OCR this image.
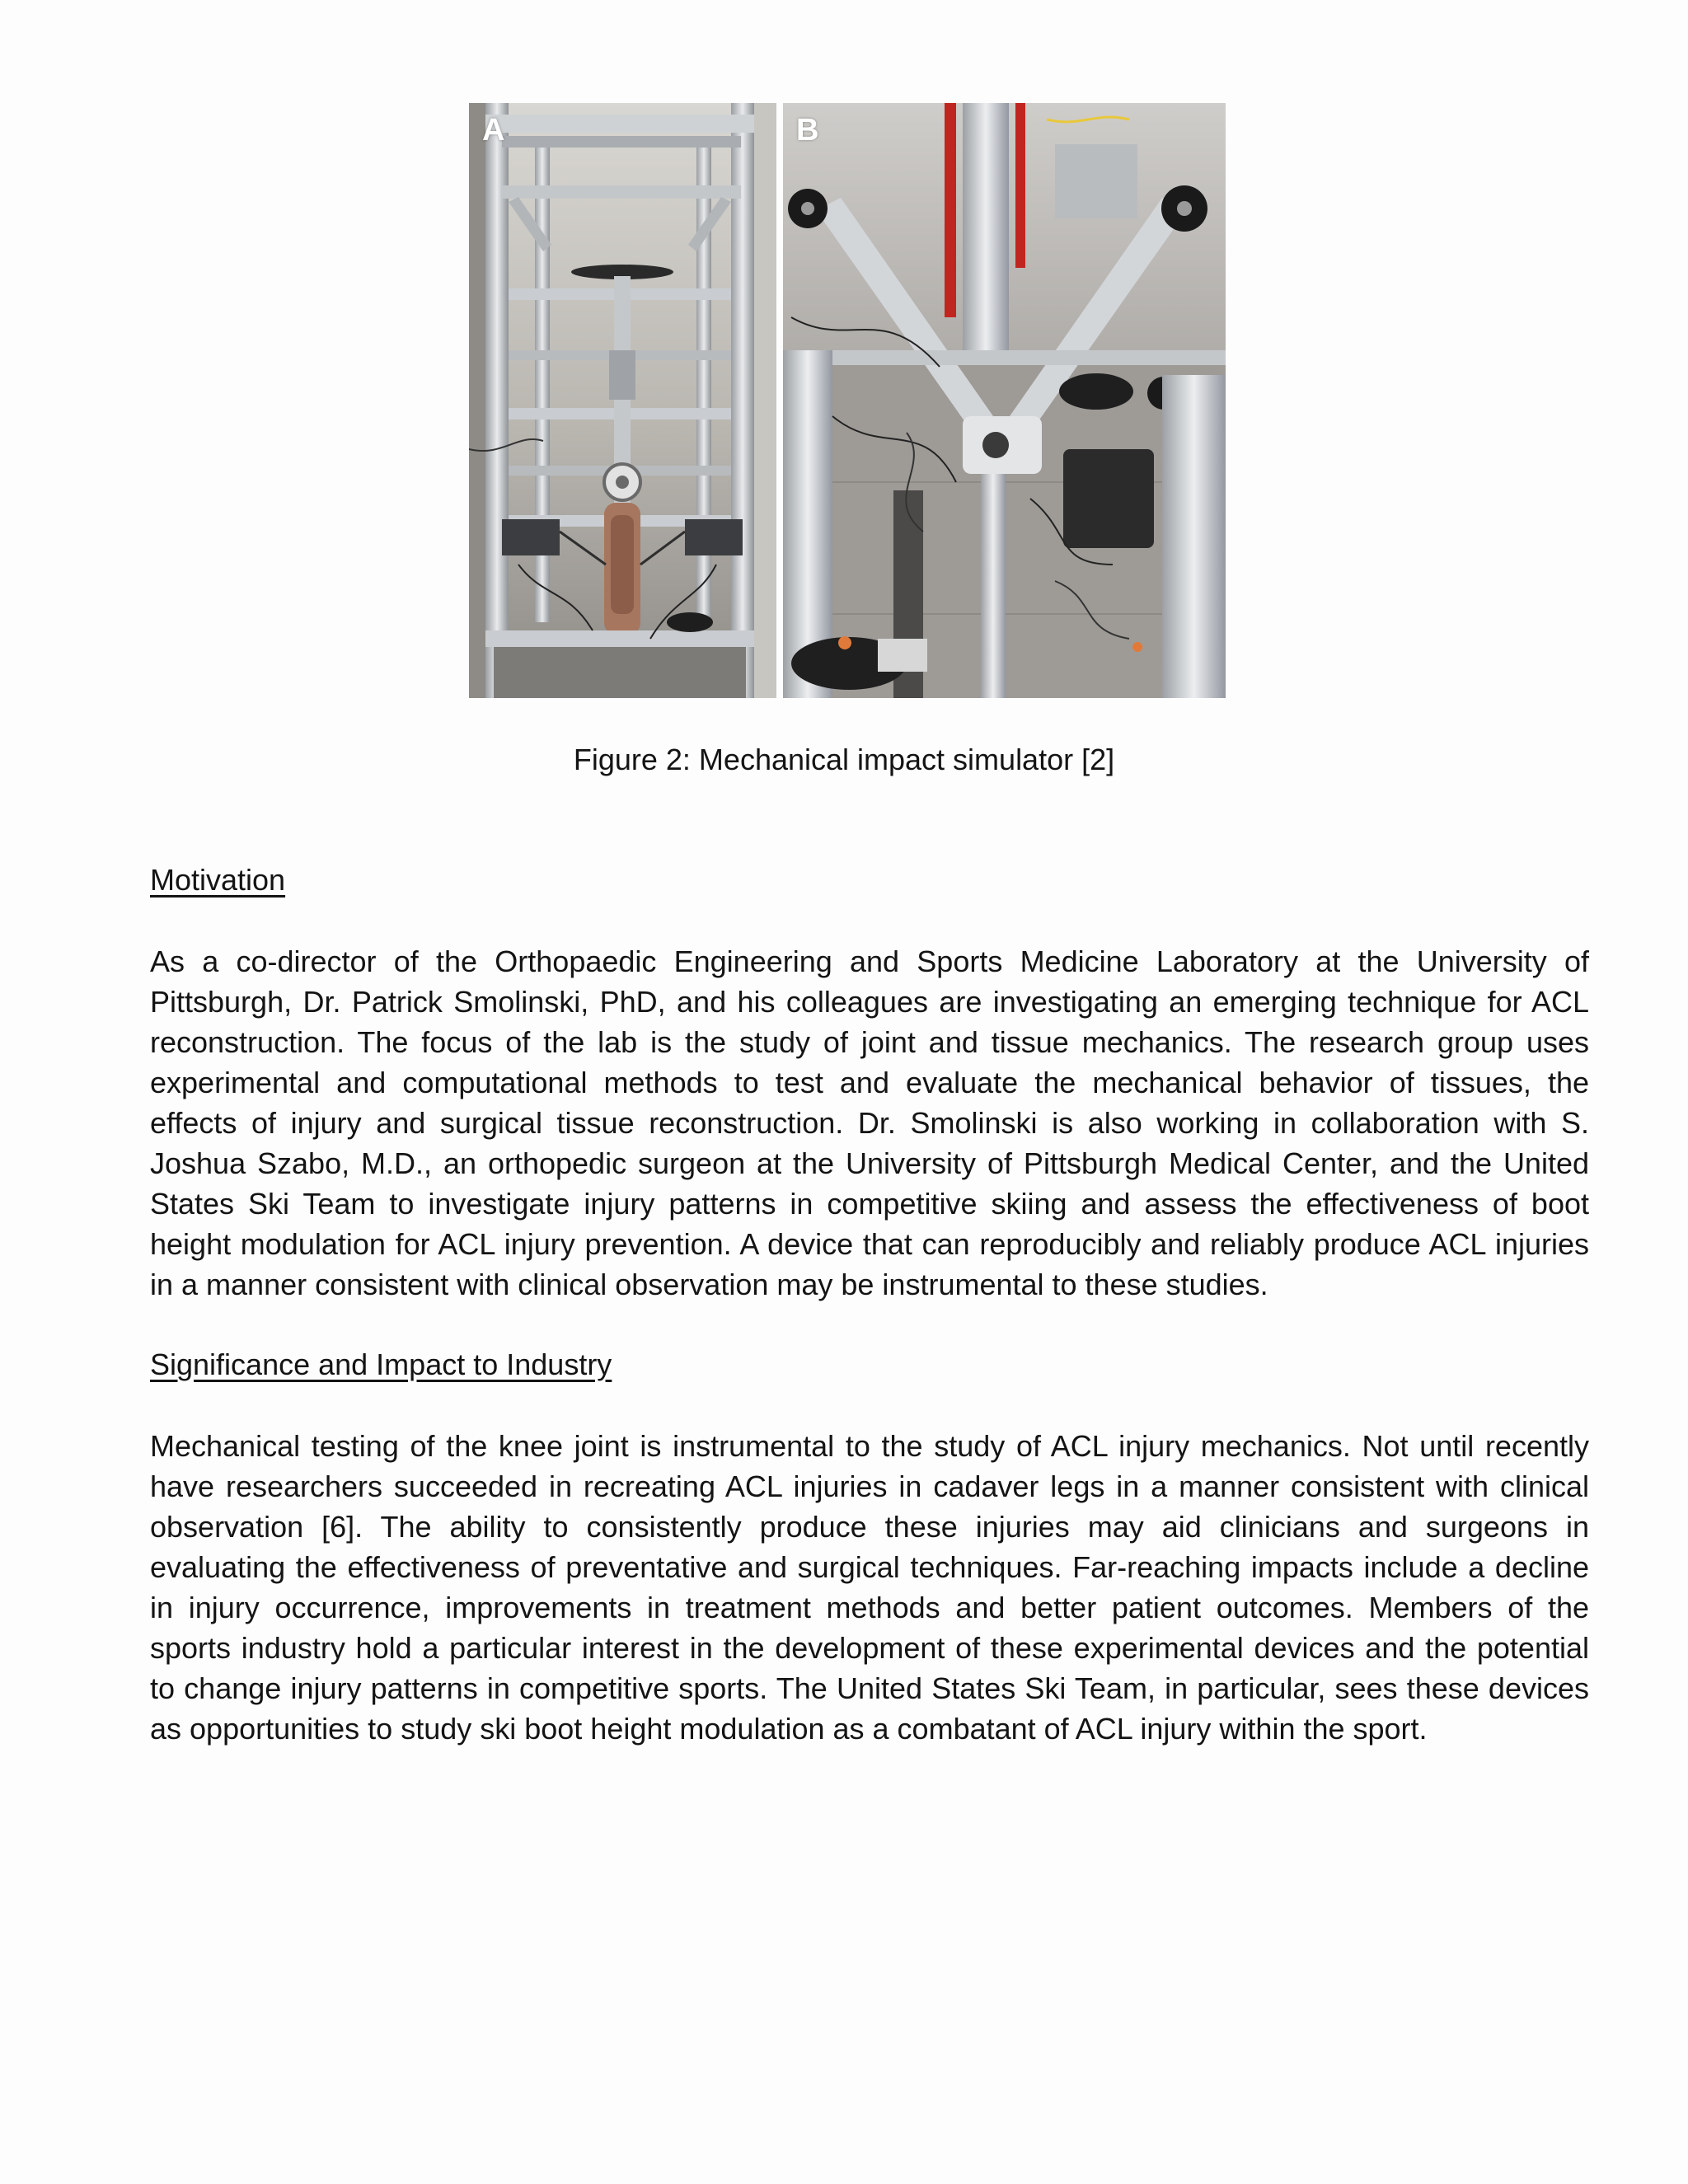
A	B
Figure 2: Mechanical impact simulator [2]
Motivation
As a co-director of the Orthopaedic Engineering and Sports Medicine Laboratory at the University of
Pittsburgh, Dr. Patrick Smolinski, PhD, and his colleagues are investigating an emerging technique for ACL
reconstruction. The focus of the lab is the study of joint and tissue mechanics. The research group uses
experimental and computational methods to test and evaluate the mechanical behavior of tissues, the
effects of injury and surgical tissue reconstruction. Dr. Smolinski is also working in collaboration with S.
Joshua Szabo, M.D., an orthopedic surgeon at the University of Pittsburgh Medical Center, and the United
States Ski Team to investigate injury patterns in competitive skiing and assess the effectiveness of boot
height modulation for ACL injury prevention. A device that can reproducibly and reliably produce ACL injuries
in a manner consistent with clinical observation may be instrumental to these studies.
Significance and Impact to Industry
Mechanical testing of the knee joint is instrumental to the study of ACL injury mechanics. Not until recently
have researchers succeeded in recreating ACL injuries in cadaver legs in a manner consistent with clinical
observation [6]. The ability to consistently produce these injuries may aid clinicians and surgeons in
evaluating the effectiveness of preventative and surgical techniques. Far-reaching impacts include a decline
in injury occurrence, improvements in treatment methods and better patient outcomes. Members of the
sports industry hold a particular interest in the development of these experimental devices and the potential
to change injury patterns in competitive sports. The United States Ski Team, in particular, sees these devices
as opportunities to study ski boot height modulation as a combatant of ACL injury within the sport.
